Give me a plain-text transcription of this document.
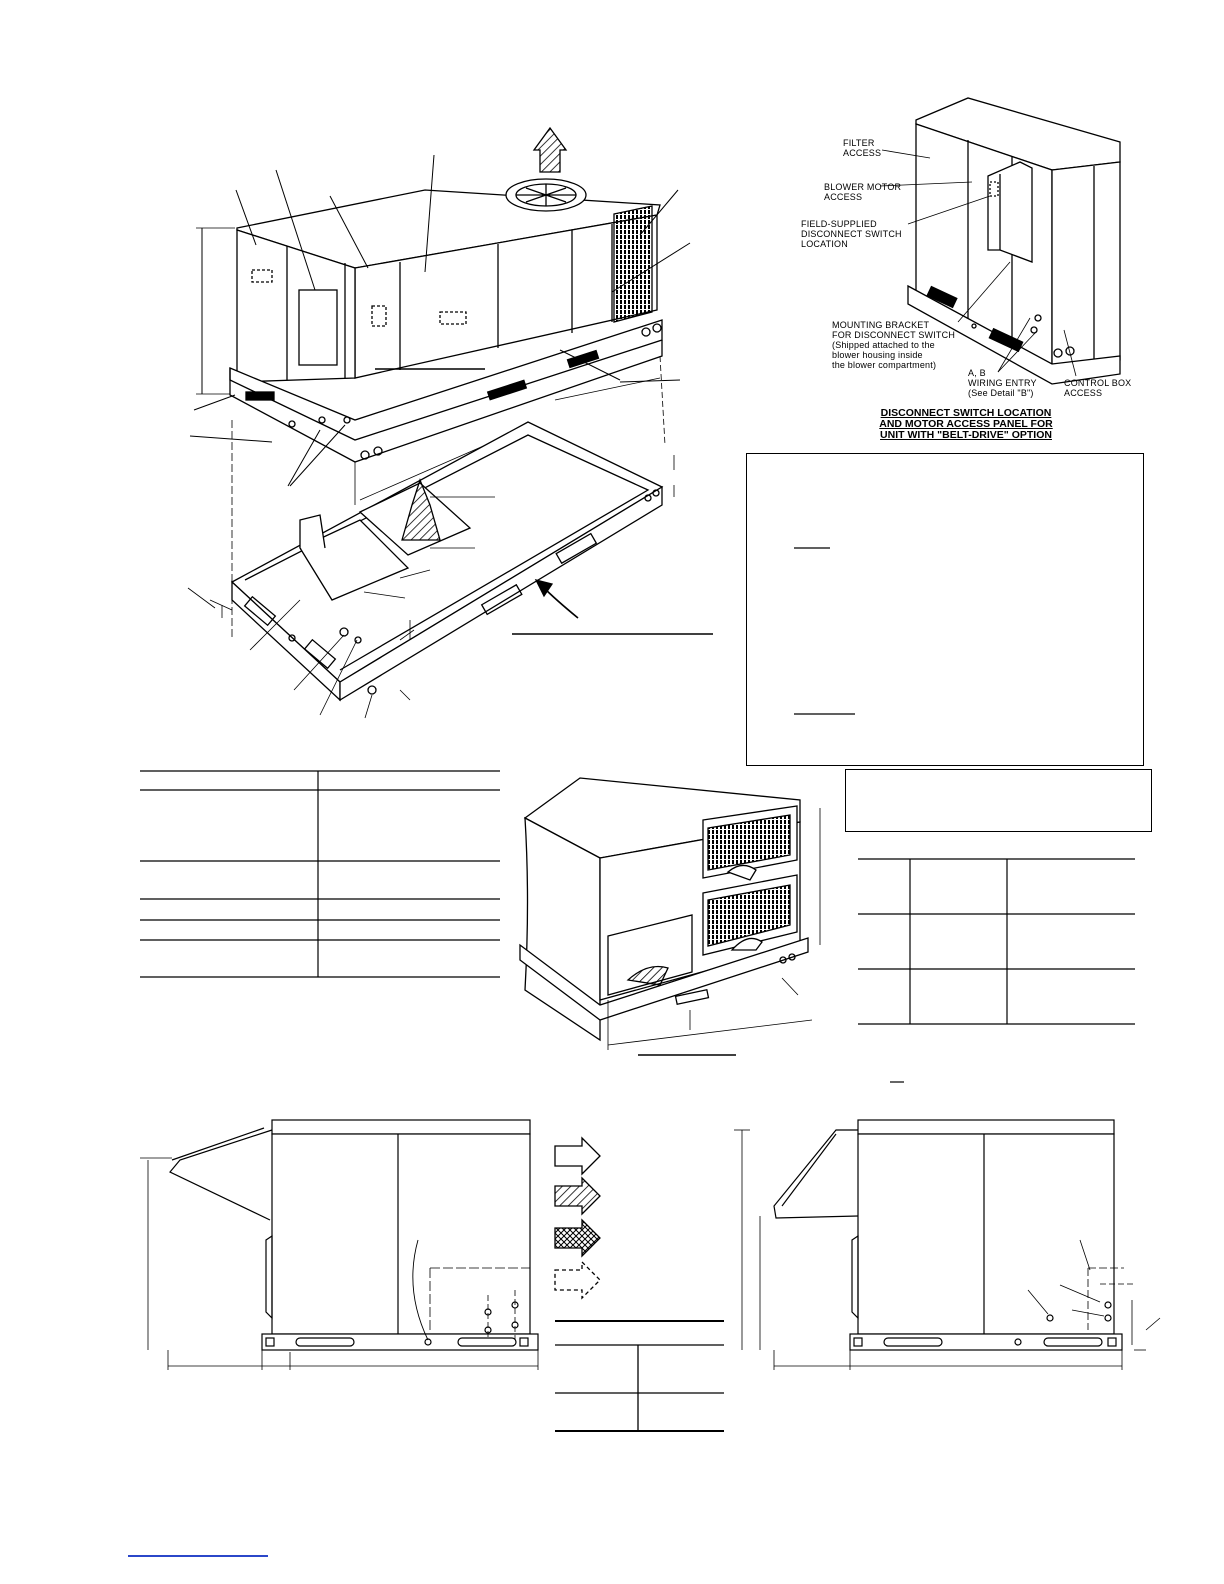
FILTER
ACCESS
BLOWER MOTOR
ACCESS
FIELD-SUPPLIED
DISCONNECT SWITCH
LOCATION
MOUNTING BRACKET
FOR DISCONNECT SWITCH
(Shipped attached to the
blower housing inside
the blower compartment)
A, B
WIRING ENTRY
(See Detail "B")
CONTROL BOX
ACCESS
DISCONNECT SWITCH LOCATION
AND MOTOR ACCESS PANEL FOR
UNIT WITH "BELT-DRIVE" OPTION
